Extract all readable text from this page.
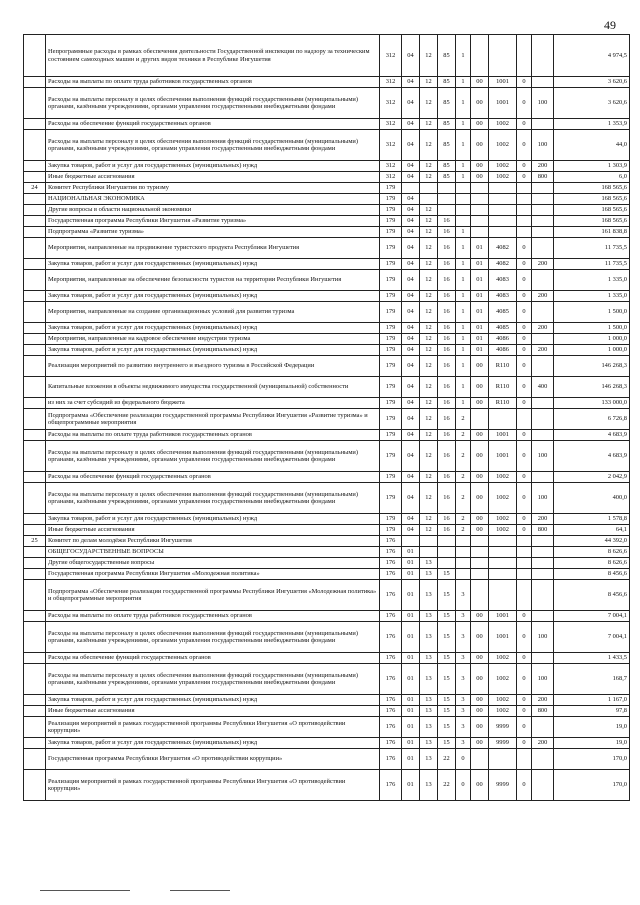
49
	Непрограммные расходы в рамках обеспечения деятельности Государственной инспекции по надзору за техническим состоянием самоходных машин и других видов техники в Республике Ингушетия	312	04	12	85	1					4 974,5
	Расходы на выплаты по оплате труда работников государственных органов	312	04	12	85	1	00	1001	0		3 620,6
	Расходы на выплаты персоналу в целях обеспечения выполнения функций государственными (муниципальными) органами, казёнными учреждениями, органами управления государственными внебюджетными фондами	312	04	12	85	1	00	1001	0	100	3 620,6
	Расходы на обеспечение функций государственных органов	312	04	12	85	1	00	1002	0		1 353,9
	Расходы на выплаты персоналу в целях обеспечения выполнения функций государственными (муниципальными) органами, казёнными учреждениями, органами управления государственными внебюджетными фондами	312	04	12	85	1	00	1002	0	100	44,0
	Закупка товаров, работ и услуг для государственных (муниципальных) нужд	312	04	12	85	1	00	1002	0	200	1 303,9
	Иные бюджетные ассигнования	312	04	12	85	1	00	1002	0	800	6,0
24	Комитет Республики Ингушетия по туризму	179									168 565,6
	НАЦИОНАЛЬНАЯ ЭКОНОМИКА	179	04								168 565,6
	Другие вопросы в области национальной экономики	179	04	12							168 565,6
	Государственная программа Республики Ингушетия «Развитие туризма»	179	04	12	16						168 565,6
	Подпрограмма «Развитие туризма»	179	04	12	16	1					161 838,8
	Мероприятия, направленные на продвижение туристского продукта Республики Ингушетия	179	04	12	16	1	01	4082	0		11 735,5
	Закупка товаров, работ и услуг для государственных (муниципальных) нужд	179	04	12	16	1	01	4082	0	200	11 735,5
	Мероприятия, направленные на обеспечение безопасности туристов на территории Республики Ингушетия	179	04	12	16	1	01	4083	0		1 335,0
	Закупка товаров, работ и услуг для государственных (муниципальных) нужд	179	04	12	16	1	01	4083	0	200	1 335,0
	Мероприятия, направленные на создание организационных условий для развития туризма	179	04	12	16	1	01	4085	0		1 500,0
	Закупка товаров, работ и услуг для государственных (муниципальных) нужд	179	04	12	16	1	01	4085	0	200	1 500,0
	Мероприятия, направленные на кадровое обеспечение индустрии туризма	179	04	12	16	1	01	4086	0		1 000,0
	Закупка товаров, работ и услуг для государственных (муниципальных) нужд	179	04	12	16	1	01	4086	0	200	1 000,0
	Реализация мероприятий по развитию внутреннего и въездного туризма в Российской Федерации	179	04	12	16	1	00	R110	0		146 268,3
	Капитальные вложения в объекты недвижимого имущества государственной (муниципальной) собственности	179	04	12	16	1	00	R110	0	400	146 268,3
	из них за счет субсидий из федерального бюджета	179	04	12	16	1	00	R110	0		133 000,0
	Подпрограмма «Обеспечение реализации государственной программы Республики Ингушетия «Развитие туризма» и общепрограммные мероприятия	179	04	12	16	2					6 726,8
	Расходы на выплаты по оплате труда работников государственных органов	179	04	12	16	2	00	1001	0		4 683,9
	Расходы на выплаты персоналу в целях обеспечения выполнения функций государственными (муниципальными) органами, казёнными учреждениями, органами управления государственными внебюджетными фондами	179	04	12	16	2	00	1001	0	100	4 683,9
	Расходы на обеспечение функций государственных органов	179	04	12	16	2	00	1002	0		2 042,9
	Расходы на выплаты персоналу в целях обеспечения выполнения функций государственными (муниципальными) органами, казёнными учреждениями, органами управления государственными внебюджетными фондами	179	04	12	16	2	00	1002	0	100	400,0
	Закупка товаров, работ и услуг для государственных (муниципальных) нужд	179	04	12	16	2	00	1002	0	200	1 578,8
	Иные бюджетные ассигнования	179	04	12	16	2	00	1002	0	800	64,1
25	Комитет по делам молодёжи Республики Ингушетия	176									44 392,0
	ОБЩЕГОСУДАРСТВЕННЫЕ ВОПРОСЫ	176	01								8 626,6
	Другие общегосударственные вопросы	176	01	13							8 626,6
	Государственная программа Республики Ингушетия «Молодежная политика»	176	01	13	15						8 456,6
	Подпрограмма «Обеспечение реализации государственной программы Республики Ингушетия «Молодежная политика» и общепрограммные мероприятия	176	01	13	15	3					8 456,6
	Расходы на выплаты по оплате труда работников государственных органов	176	01	13	15	3	00	1001	0		7 004,1
	Расходы на выплаты персоналу в целях обеспечения выполнения функций государственными (муниципальными) органами, казёнными учреждениями, органами управления государственными внебюджетными фондами	176	01	13	15	3	00	1001	0	100	7 004,1
	Расходы на обеспечение функций государственных органов	176	01	13	15	3	00	1002	0		1 433,5
	Расходы на выплаты персоналу в целях обеспечения выполнения функций государственными (муниципальными) органами, казёнными учреждениями, органами управления государственными внебюджетными фондами	176	01	13	15	3	00	1002	0	100	168,7
	Закупка товаров, работ и услуг для государственных (муниципальных) нужд	176	01	13	15	3	00	1002	0	200	1 167,0
	Иные бюджетные ассигнования	176	01	13	15	3	00	1002	0	800	97,8
	Реализация мероприятий в рамках государственной программы Республики Ингушетия «О противодействии коррупции»	176	01	13	15	3	00	9999	0		19,0
	Закупка товаров, работ и услуг для государственных (муниципальных) нужд	176	01	13	15	3	00	9999	0	200	19,0
	Государственная программа Республики Ингушетия «О противодействии коррупции»	176	01	13	22	0					170,0
	Реализация мероприятий в рамках государственной программы Республики Ингушетия «О противодействии коррупции»	176	01	13	22	0	00	9999	0		170,0
